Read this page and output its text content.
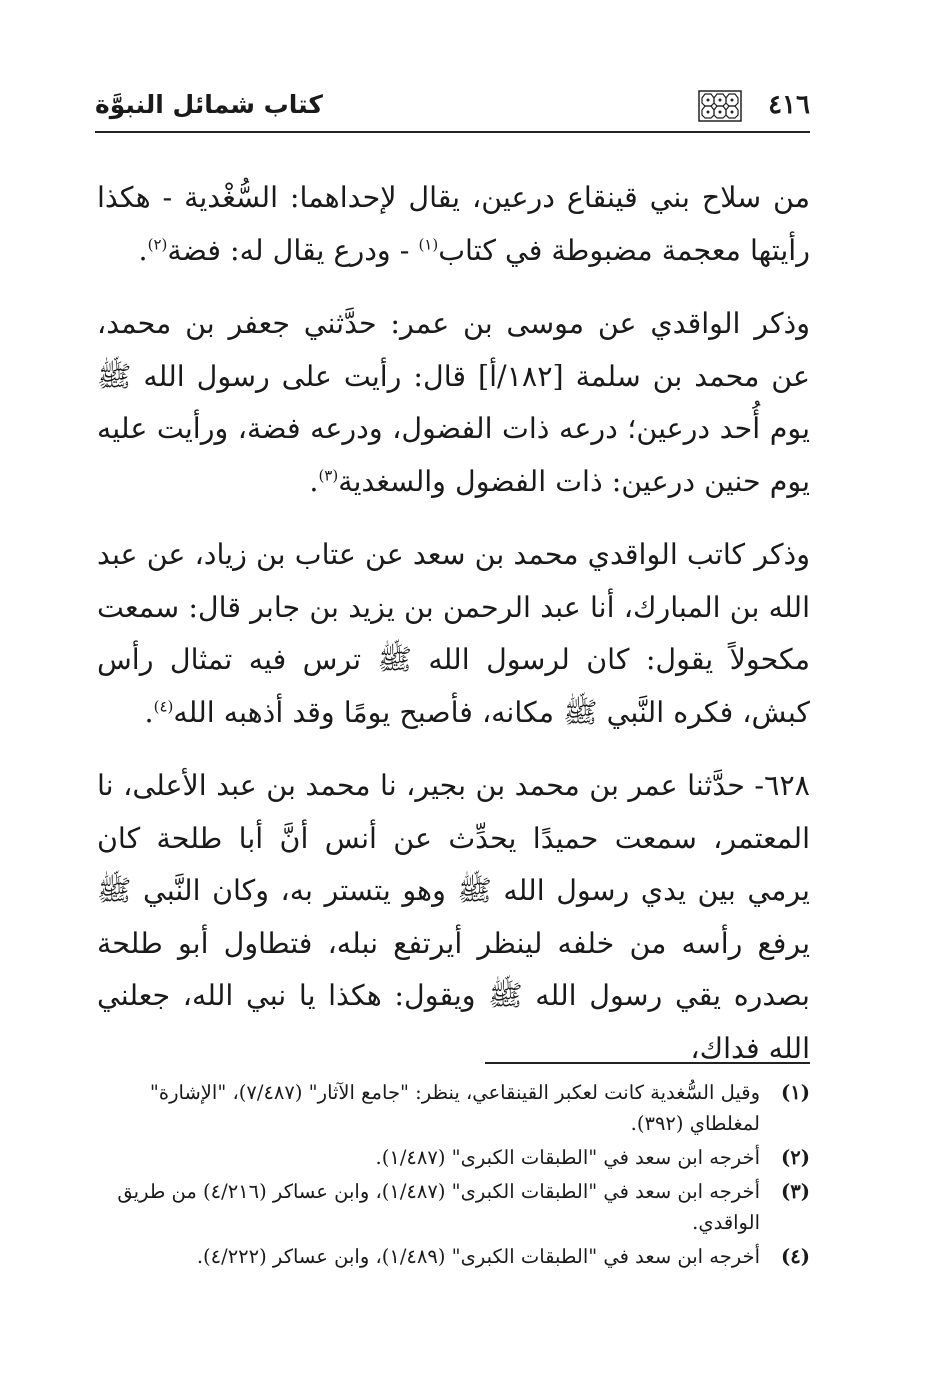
٤١٦
كتاب شمائل النبوَّة

من سلاح بني قينقاع درعين، يقال لإحداهما: السُّغْدية - هكذا رأيتها معجمة مضبوطة في كتاب$^{(١)}$ - ودرع يقال له: فضة$^{(٢)}$.

وذكر الواقدي عن موسى بن عمر: حدَّثني جعفر بن محمد، عن محمد بن سلمة [١٨٢/أ] قال: رأيت على رسول الله ﷺ يوم أُحد درعين؛ درعه ذات الفضول، ودرعه فضة، ورأيت عليه يوم حنين درعين: ذات الفضول والسغدية$^{(٣)}$.

وذكر كاتب الواقدي محمد بن سعد عن عتاب بن زياد، عن عبد الله بن المبارك، أنا عبد الرحمن بن يزيد بن جابر قال: سمعت مكحولاً يقول: كان لرسول الله ﷺ ترس فيه تمثال رأس كبش، فكره النَّبي ﷺ مكانه، فأصبح يومًا وقد أذهبه الله$^{(٤)}$.

٦٢٨- حدَّثنا عمر بن محمد بن بجير، نا محمد بن عبد الأعلى، نا المعتمر، سمعت حميدًا يحدِّث عن أنس أنَّ أبا طلحة كان يرمي بين يدي رسول الله ﷺ وهو يتستر به، وكان النَّبي ﷺ يرفع رأسه من خلفه لينظر أيرتفع نبله، فتطاول أبو طلحة بصدره يقي رسول الله ﷺ ويقول: هكذا يا نبي الله، جعلني الله فداك،

(١)
وقيل السُّغدية كانت لعكبر القينقاعي، ينظر: "جامع الآثار" (٧/٤٨٧)، "الإشارة" لمغلطاي (٣٩٢).
(٢)
أخرجه ابن سعد في "الطبقات الكبرى" (١/٤٨٧).
(٣)
أخرجه ابن سعد في "الطبقات الكبرى" (١/٤٨٧)، وابن عساكر (٤/٢١٦) من طريق الواقدي.
(٤)
أخرجه ابن سعد في "الطبقات الكبرى" (١/٤٨٩)، وابن عساكر (٤/٢٢٢).
